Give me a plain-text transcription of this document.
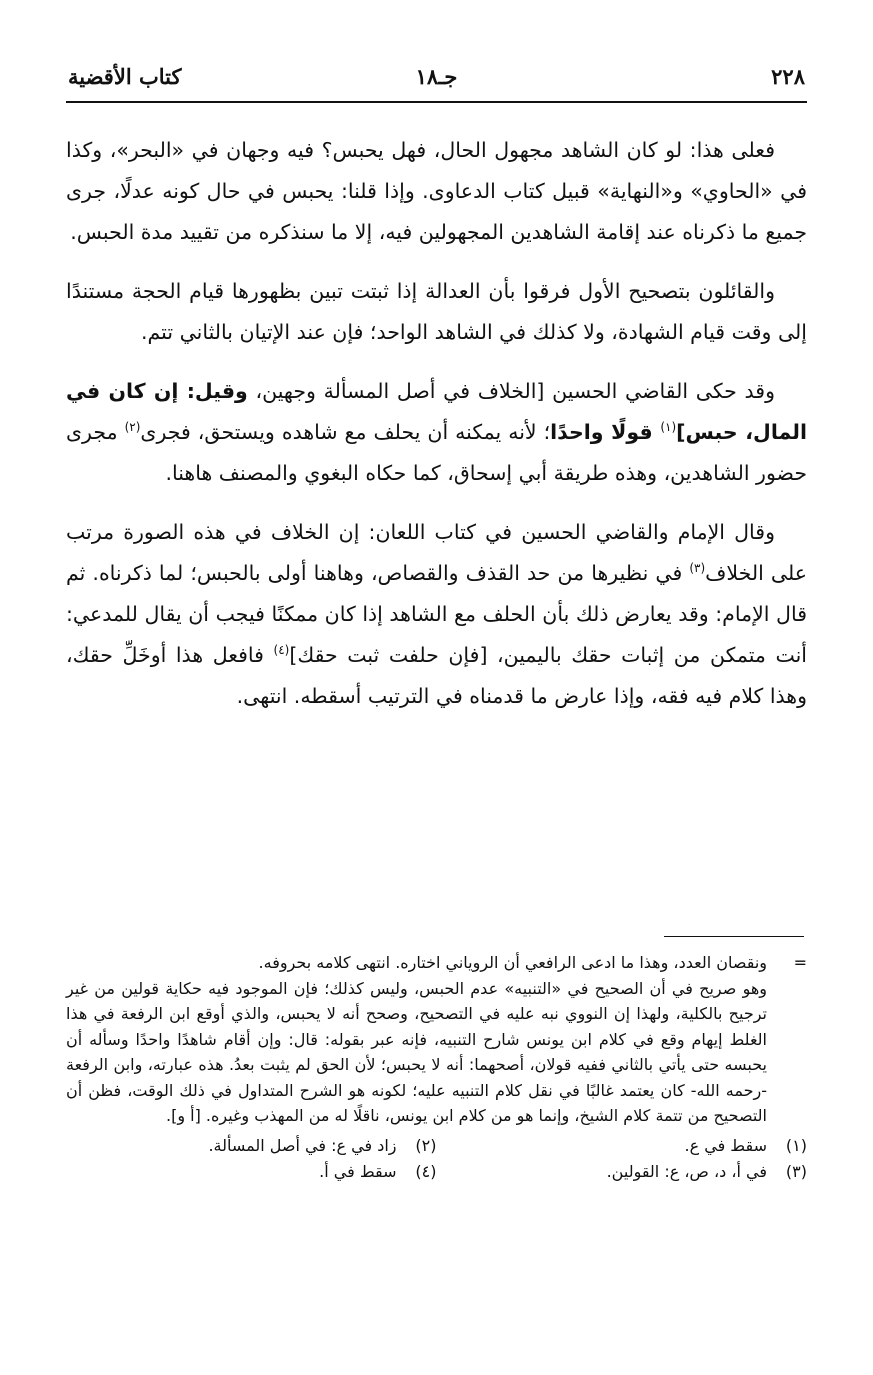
٢٢٨
جـ١٨
كتاب الأقضية

فعلى هذا: لو كان الشاهد مجهول الحال، فهل يحبس؟ فيه وجهان في «البحر»، وكذا في «الحاوي» و«النهاية» قبيل كتاب الدعاوى. وإذا قلنا: يحبس في حال كونه عدلًا، جرى جميع ما ذكرناه عند إقامة الشاهدين المجهولين فيه، إلا ما سنذكره من تقييد مدة الحبس.

والقائلون بتصحيح الأول فرقوا بأن العدالة إذا ثبتت تبين بظهورها قيام الحجة مستندًا إلى وقت قيام الشهادة، ولا كذلك في الشاهد الواحد؛ فإن عند الإتيان بالثاني تتم.

وقد حكى القاضي الحسين [الخلاف في أصل المسألة وجهين، وقيل: إن كان في المال، حبس]$^{(١)}$ قولًا واحدًا؛ لأنه يمكنه أن يحلف مع شاهده ويستحق، فجرى$^{(٢)}$ مجرى حضور الشاهدين، وهذه طريقة أبي إسحاق، كما حكاه البغوي والمصنف هاهنا.

وقال الإمام والقاضي الحسين في كتاب اللعان: إن الخلاف في هذه الصورة مرتب على الخلاف$^{(٣)}$ في نظيرها من حد القذف والقصاص، وهاهنا أولى بالحبس؛ لما ذكرناه. ثم قال الإمام: وقد يعارض ذلك بأن الحلف مع الشاهد إذا كان ممكنًا فيجب أن يقال للمدعي: أنت متمكن من إثبات حقك باليمين، [فإن حلفت ثبت حقك]$^{(٤)}$ فافعل هذا أوخَلِّ حقك، وهذا كلام فيه فقه، وإذا عارض ما قدمناه في الترتيب أسقطه. انتهى.

=

ونقصان العدد، وهذا ما ادعى الرافعي أن الروياني اختاره. انتهى كلامه بحروفه.

وهو صريح في أن الصحيح في «التنبيه» عدم الحبس، وليس كذلك؛ فإن الموجود فيه حكاية قولين من غير ترجيح بالكلية، ولهذا إن النووي نبه عليه في التصحيح، وصحح أنه لا يحبس، والذي أوقع ابن الرفعة في هذا الغلط إيهام وقع في كلام ابن يونس شارح التنبيه، فإنه عبر بقوله: قال: وإن أقام شاهدًا واحدًا وسأله أن يحبسه حتى يأتي بالثاني ففيه قولان، أصحهما: أنه لا يحبس؛ لأن الحق لم يثبت بعدُ. هذه عبارته، وابن الرفعة -رحمه الله- كان يعتمد غالبًا في نقل كلام التنبيه عليه؛ لكونه هو الشرح المتداول في ذلك الوقت، فظن أن التصحيح من تتمة كلام الشيخ، وإنما هو من كلام ابن يونس، ناقلًا له من المهذب وغيره. [أ و].

(١)
سقط في ع.
(٢)
زاد في ع: في أصل المسألة.
(٣)
في أ، د، ص، ع: القولين.
(٤)
سقط في أ.
